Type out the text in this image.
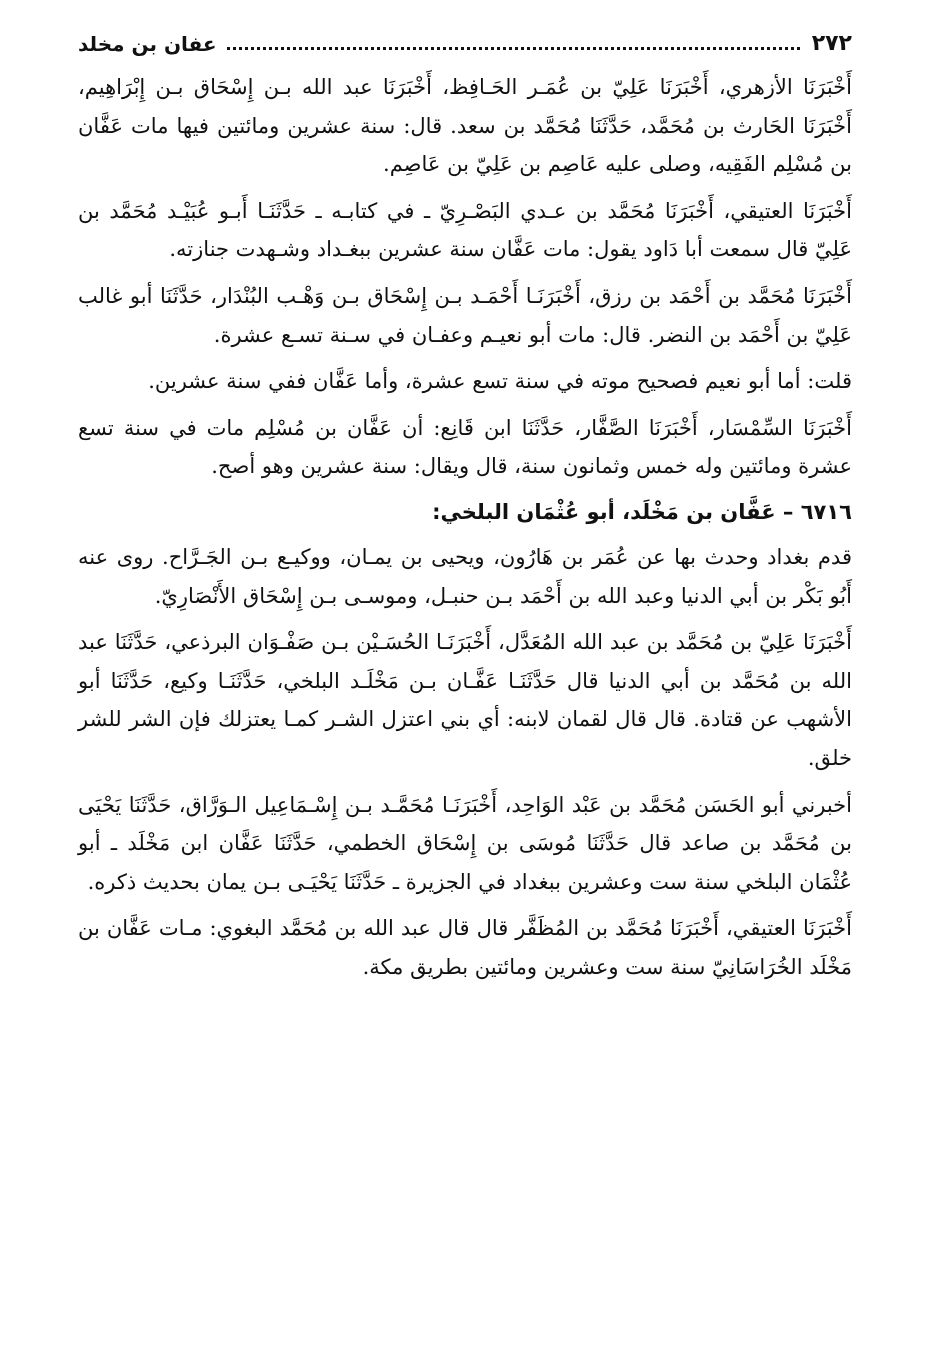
٢٧٢
عفان بن مخلد

أَخْبَرَنَا الأزهري، أَخْبَرَنَا عَلِيّ بن عُمَـر الحَـافِظ، أَخْبَرَنَا عبد الله بـن إِسْحَاق بـن إِبْرَاهِيم، أَخْبَرَنَا الحَارث بن مُحَمَّد، حَدَّثَنَا مُحَمَّد بن سعد. قال: سنة عشرين ومائتين فيها مات عَفَّان بن مُسْلِم الفَقِيه، وصلى عليه عَاصِم بن عَلِيّ بن عَاصِم.

أَخْبَرَنَا العتيقي، أَخْبَرَنَا مُحَمَّد بن عـدي البَصْـرِيّ ـ في كتابـه ـ حَدَّثَنَـا أَبـو عُبَيْـد مُحَمَّد بن عَلِيّ قال سمعت أبا دَاود يقول: مات عَفَّان سنة عشرين ببغـداد وشـهدت جنازته.

أَخْبَرَنَا مُحَمَّد بن أَحْمَد بن رزق، أَخْبَرَنَـا أَحْمَـد بـن إِسْحَاق بـن وَهْـب البُنْدَار، حَدَّثَنَا أبو غالب عَلِيّ بن أَحْمَد بن النضر. قال: مات أبو نعيـم وعفـان في سـنة تسـع عشرة.

قلت: أما أبو نعيم فصحيح موته في سنة تسع عشرة، وأما عَفَّان ففي سنة عشرين.

أَخْبَرَنَا السِّمْسَار، أَخْبَرَنَا الصَّفَّار، حَدَّثَنَا ابن قَانِع: أن عَفَّان بن مُسْلِم مات في سنة تسع عشرة ومائتين وله خمس وثمانون سنة، قال ويقال: سنة عشرين وهو أصح.

٦٧١٦ – عَفَّان بن مَخْلَد، أبو عُثْمَان البلخي:

قدم بغداد وحدث بها عن عُمَر بن هَارُون، ويحيى بن يمـان، ووكيـع بـن الجَـرَّاح. روى عنه أَبُو بَكْر بن أبي الدنيا وعبد الله بن أَحْمَد بـن حنبـل، وموسـى بـن إِسْحَاق الأَنْصَارِيّ.

أَخْبَرَنَا عَلِيّ بن مُحَمَّد بن عبد الله المُعَدَّل، أَخْبَرَنَـا الحُسَـيْن بـن صَفْـوَان البرذعي، حَدَّثَنَا عبد الله بن مُحَمَّد بن أبي الدنيا قال حَدَّثَنَـا عَفَّـان بـن مَخْلَـد البلخي، حَدَّثَنَـا وكيع، حَدَّثَنَا أبو الأشهب عن قتادة. قال قال لقمان لابنه: أي بني اعتزل الشـر كمـا يعتزلك فإن الشر للشر خلق.

أخبرني أبو الحَسَن مُحَمَّد بن عَبْد الوَاحِد، أَخْبَرَنَـا مُحَمَّـد بـن إِسْـمَاعِيل الـوَرَّاق، حَدَّثَنَا يَحْيَى بن مُحَمَّد بن صاعد قال حَدَّثَنَا مُوسَى بن إِسْحَاق الخطمي، حَدَّثَنَا عَفَّان ابن مَخْلَد ـ أبو عُثْمَان البلخي سنة ست وعشرين ببغداد في الجزيرة ـ حَدَّثَنَا يَحْيَـى بـن يمان بحديث ذكره.

أَخْبَرَنَا العتيقي، أَخْبَرَنَا مُحَمَّد بن المُظَفَّر قال قال عبد الله بن مُحَمَّد البغوي: مـات عَفَّان بن مَخْلَد الخُرَاسَانِيّ سنة ست وعشرين ومائتين بطريق مكة.
